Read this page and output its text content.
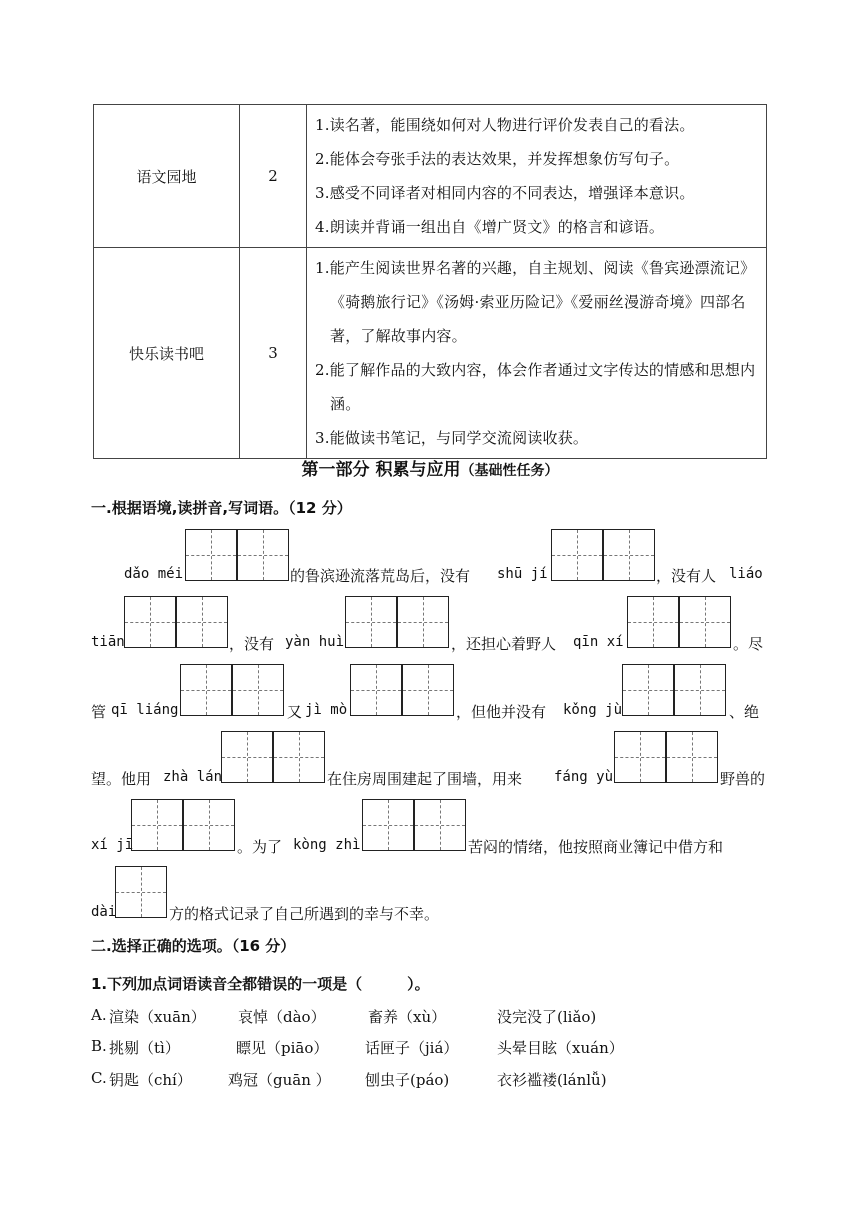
语文园地	2	1.读名著，能围绕如何对人物进行评价发表自己的看法。
2.能体会夸张手法的表达效果，并发挥想象仿写句子。
3.感受不同译者对相同内容的不同表达，增强译本意识。
4.朗读并背诵一组出自《增广贤文》的格言和谚语。

快乐读书吧	3	1.能产生阅读世界名著的兴趣，自主规划、阅读《鲁宾逊漂流记》《骑鹅旅行记》《汤姆·索亚历险记》《爱丽丝漫游奇境》四部名著，了解故事内容。
2.能了解作品的大致内容，体会作者通过文字传达的情感和思想内涵。
3.能做读书笔记，与同学交流阅读收获。
第一部分 积累与应用（基础性任务）
一.根据语境,读拼音,写词语。（12 分）
dǎo méi	的鲁滨逊流落荒岛后，没有 shū jí	，没有人 liáo
tiān	，没有 yàn huì	，还担心着野人 qīn xí	。尽
管 qī liáng	又 jì mò	，但他并没有 kǒng jù	、绝
望。他用 zhà lán	在住房周围建起了围墙，用来 fáng yù	野兽的
xí jī	。为了 kòng zhì	苦闷的情绪，他按照商业簿记中借方和
dài	方的格式记录了自己所遇到的幸与不幸。
二.选择正确的选项。（16 分）
1.下列加点词语读音全都错误的一项是（　　　）。
A. 渲染（xuān） 哀悼（dào）	畜养（xù）	没完没了(liǎo)
B. 挑剔（tì）	瞟见（piāo） 话匣子（jiá）	头晕目眩（xuán）
C. 钥匙（chí） 鸡冠（guān ） 刨虫子(páo)	衣衫褴褛(lánlǚ)
